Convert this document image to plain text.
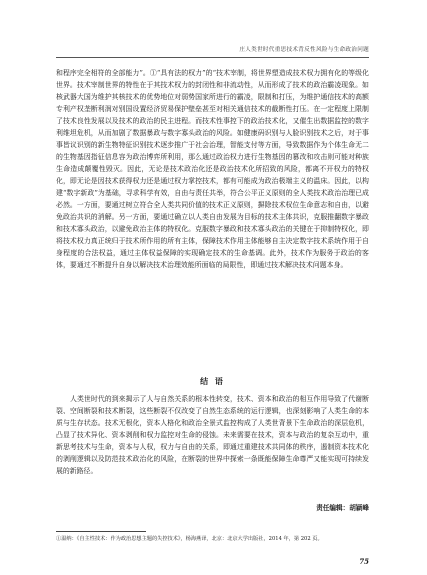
庄人类世时代重思技术背反性风险与生命政治问题

和程序完全相符的全部能力”。①“具有法的权力”的“技术宰制，将世界塑造成技术权力拥有化的等级化世界。技术宰制世界的特性在于其技术权力的封闭性和非流动性，从而形成了技术的政治霸凌现象。如核武器大国为维护其核技术的优势地位对弱势国家所进行的霸凌，限制和打压，为维护通信技术的高额专利产权垄断利润对别国设置经济贸易保护壁垒甚至对相关通信技术的截断性打压。在一定程度上限制了技术良性发展以及技术的政治的民主进程。而技术性事控下的政治技术化，又催生出数据监控的数字利维坦危机，从而加剧了数据暴政与数字寡头政治的风险。如健康码识别与人脸识别技术之后，对于事事皆议识别的新生物特征识别技术逐步推广于社会治理，智能支付等方面，导致数据作为个体生命无二的生物基因指征信息容为政治博弈所利用，那么通过政治权力进行生物基因的篡改和攻击则可能对种族生命造成颠覆性毁灭。因此，无论是技术政治化还是政治技术化所招致的风险，都离不开权力的特权化，即无论是因技术获得权力还是通过权力掌控技术，都有可能成为政治极端主义的温床。因此，以构建“数字新政”为基础，寻求科学有效，自由与责任共举，符合公平正义原则的全人类技术政治治理已成必然。一方面，要通过树立符合全人类共同价值的技术正义原则，摒除技术权位生命意志和自由，以避免政治共识的消解。另一方面，要通过确立以人类自由发展为目标的技术主体共识，克服推翻数字暴政和技术寡头政治，以避免政治主体的特权化。克服数字暴政和技术寡头政治的关键在于抑制特权化，即将技术权力真正统归于技术所作用的所有主体，保障技术作用主体能够自主决定数字技术系统作用于自身程度的合法权益，通过主体权益保障的实现确定技术的生命基调。此外，技术作为服务于政治的客体，要通过不断提升自身以解决技术治理效能所面临的局限性，即通过技术解决技术问题本身。

结 语

人类世时代的到来揭示了人与自然关系的根本性转变，技术、资本和政治的相互作用导致了代谢断裂、空间断裂和技术断裂，这些断裂不仅改变了自然生态系统的运行逻辑，也深刻影响了人类生命的本质与生存状态。技术无根化，资本人格化和政治全景式监控构成了人类世背景下生命政治的深层危机，凸显了技术异化、资本剥削和权力监控对生命的侵蚀。未来需要在技术，资本与政治的复杂互动中，重新思考技术与生命，资本与人权，权力与自由的关系，即通过重建技术共同体的秩序，遏制资本技术化的剥削逻辑以及防范技术政治化的风险，在断裂的世界中探索一条既能保障生命尊严又能实现可持续发展的新路径。

责任编辑：胡颖峰
①温纳：《自主性技术：作为政治思想主题的失控技术》，杨海燕译，北京：北京大学出版社，2014 年，第 202 页。
75
